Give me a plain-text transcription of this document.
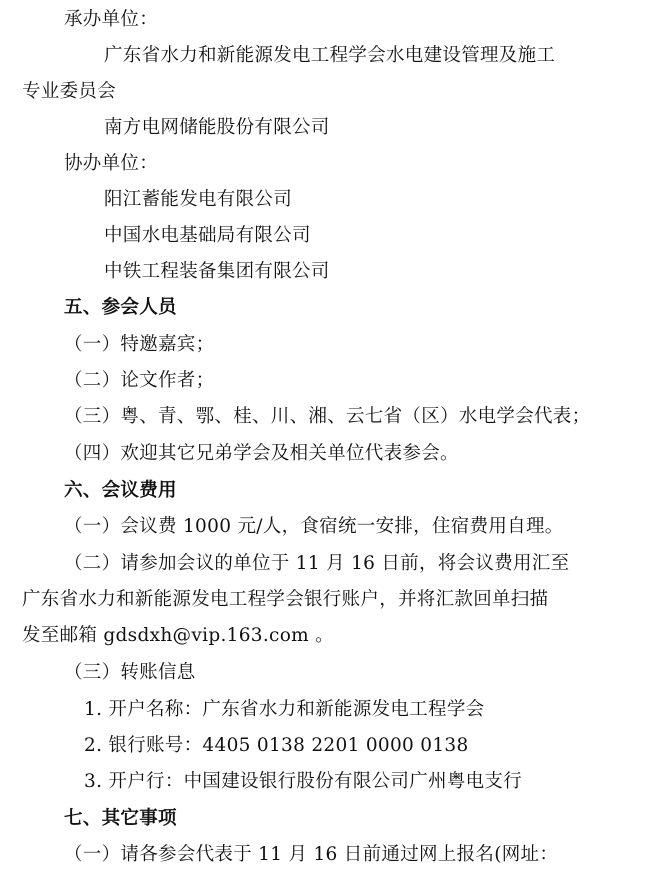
承办单位：
广东省水力和新能源发电工程学会水电建设管理及施工
专业委员会
南方电网储能股份有限公司
协办单位：
阳江蓄能发电有限公司
中国水电基础局有限公司
中铁工程装备集团有限公司
五、参会人员
（一）特邀嘉宾；
（二）论文作者；
（三）粤、青、鄂、桂、川、湘、云七省（区）水电学会代表；
（四）欢迎其它兄弟学会及相关单位代表参会。
六、会议费用
（一）会议费 1000 元/人，食宿统一安排，住宿费用自理。
（二）请参加会议的单位于 11 月 16 日前，将会议费用汇至
广东省水力和新能源发电工程学会银行账户，并将汇款回单扫描
发至邮箱 gdsdxh@vip.163.com 。
（三）转账信息
1. 开户名称：广东省水力和新能源发电工程学会
2. 银行账号：4405 0138 2201 0000 0138
3. 开户行：中国建设银行股份有限公司广州粤电支行
七、其它事项
（一）请各参会代表于 11 月 16 日前通过网上报名(网址：
